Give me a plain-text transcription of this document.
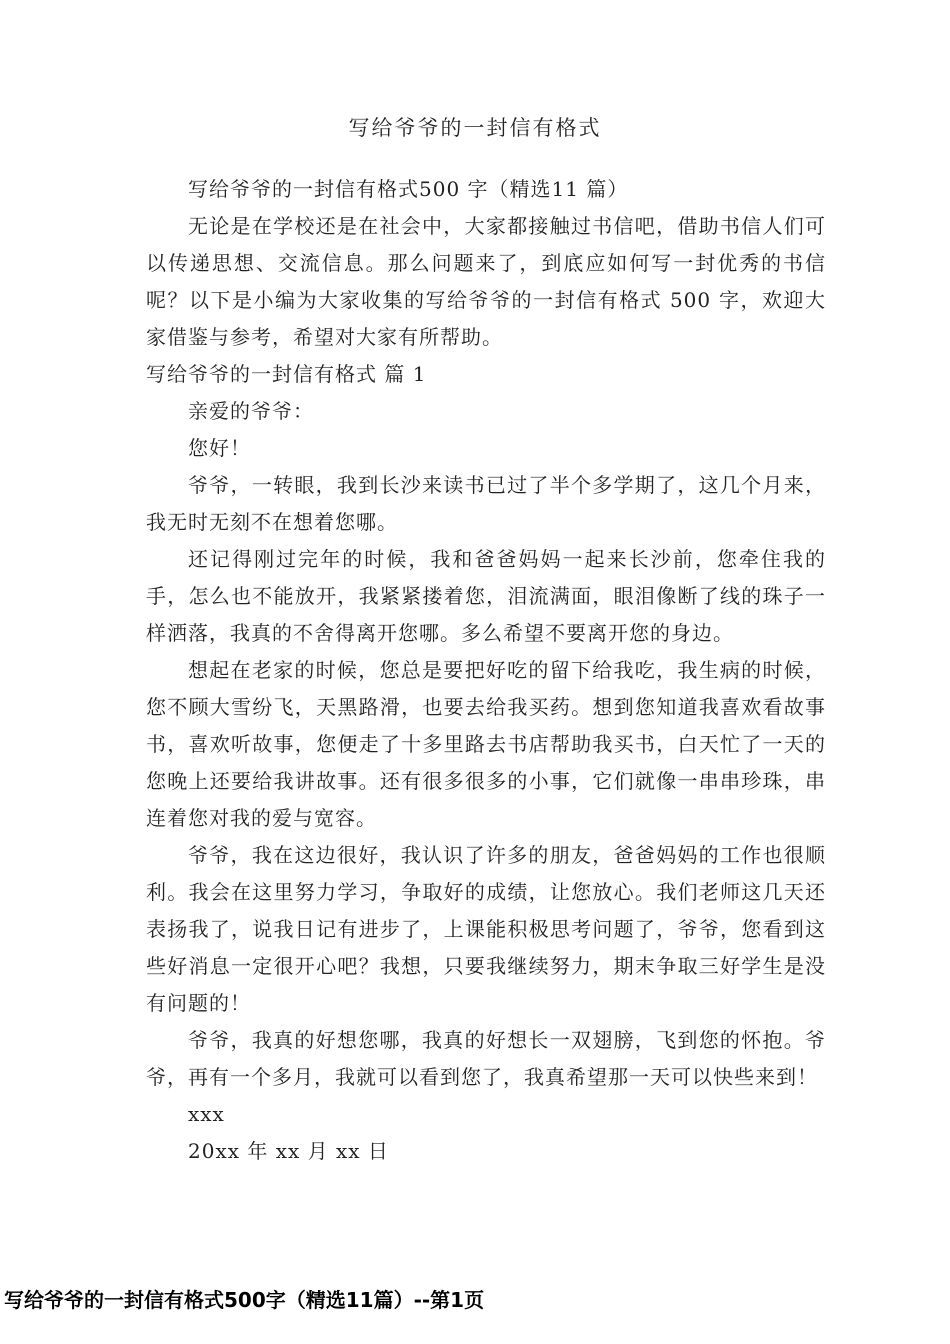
写给爷爷的一封信有格式

写给爷爷的一封信有格式500 字（精选11 篇）

无论是在学校还是在社会中，大家都接触过书信吧，借助书信人们可以传递思想、交流信息。那么问题来了，到底应如何写一封优秀的书信呢？以下是小编为大家收集的写给爷爷的一封信有格式 500 字，欢迎大家借鉴与参考，希望对大家有所帮助。

写给爷爷的一封信有格式 篇 1

亲爱的爷爷：

您好！

爷爷，一转眼，我到长沙来读书已过了半个多学期了，这几个月来，我无时无刻不在想着您哪。

还记得刚过完年的时候，我和爸爸妈妈一起来长沙前，您牵住我的手，怎么也不能放开，我紧紧搂着您，泪流满面，眼泪像断了线的珠子一样洒落，我真的不舍得离开您哪。多么希望不要离开您的身边。

想起在老家的时候，您总是要把好吃的留下给我吃，我生病的时候，您不顾大雪纷飞，天黑路滑，也要去给我买药。想到您知道我喜欢看故事书，喜欢听故事，您便走了十多里路去书店帮助我买书，白天忙了一天的您晚上还要给我讲故事。还有很多很多的小事，它们就像一串串珍珠，串连着您对我的爱与宽容。

爷爷，我在这边很好，我认识了许多的朋友，爸爸妈妈的工作也很顺利。我会在这里努力学习，争取好的成绩，让您放心。我们老师这几天还表扬我了，说我日记有进步了，上课能积极思考问题了，爷爷，您看到这些好消息一定很开心吧？我想，只要我继续努力，期末争取三好学生是没有问题的！

爷爷，我真的好想您哪，我真的好想长一双翅膀，飞到您的怀抱。爷爷，再有一个多月，我就可以看到您了，我真希望那一天可以快些来到！

xxx

20xx 年 xx 月 xx 日

写给爷爷的一封信有格式500字（精选11篇）--第1页
